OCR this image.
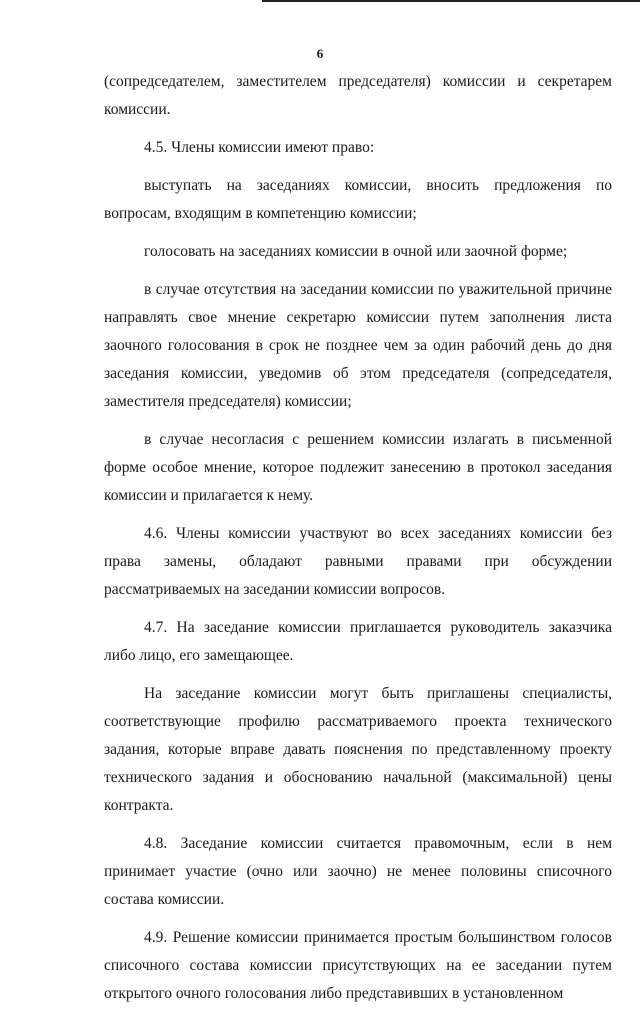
6

(сопредседателем, заместителем председателя) комиссии и секретарем комиссии.

4.5. Члены комиссии имеют право:

выступать на заседаниях комиссии, вносить предложения по вопросам, входящим в компетенцию комиссии;

голосовать на заседаниях комиссии в очной или заочной форме;

в случае отсутствия на заседании комиссии по уважительной причине направлять свое мнение секретарю комиссии путем заполнения листа заочного голосования в срок не позднее чем за один рабочий день до дня заседания комиссии, уведомив об этом председателя (сопредседателя, заместителя председателя) комиссии;

в случае несогласия с решением комиссии излагать в письменной форме особое мнение, которое подлежит занесению в протокол заседания комиссии и прилагается к нему.

4.6. Члены комиссии участвуют во всех заседаниях комиссии без права замены, обладают равными правами при обсуждении рассматриваемых на заседании комиссии вопросов.

4.7. На заседание комиссии приглашается руководитель заказчика либо лицо, его замещающее.

На заседание комиссии могут быть приглашены специалисты, соответствующие профилю рассматриваемого проекта технического задания, которые вправе давать пояснения по представленному проекту технического задания и обоснованию начальной (максимальной) цены контракта.

4.8. Заседание комиссии считается правомочным, если в нем принимает участие (очно или заочно) не менее половины списочного состава комиссии.

4.9. Решение комиссии принимается простым большинством голосов списочного состава комиссии присутствующих на ее заседании путем открытого очного голосования либо представивших в установленном
